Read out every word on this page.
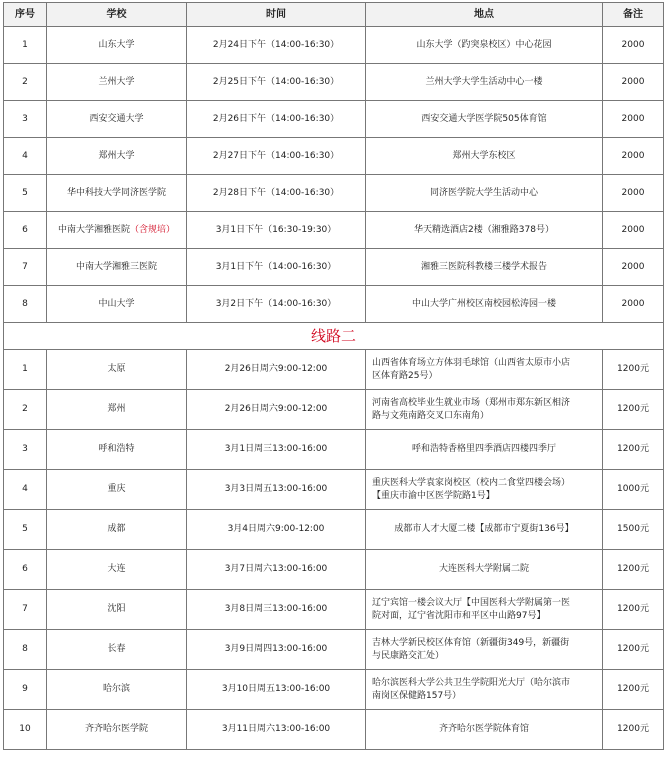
序号	学校	时间	地点	备注
1	山东大学	2月24日下午（14:00-16:30）	山东大学（趵突泉校区）中心花园	2000
2	兰州大学	2月25日下午（14:00-16:30）	兰州大学大学生活动中心一楼	2000
3	西安交通大学	2月26日下午（14:00-16:30）	西安交通大学医学院505体育馆	2000
4	郑州大学	2月27日下午（14:00-16:30）	郑州大学东校区	2000
5	华中科技大学同济医学院	2月28日下午（14:00-16:30）	同济医学院大学生活动中心	2000
6	中南大学湘雅医院（含规培）	3月1日下午（16:30-19:30）	华天精选酒店2楼（湘雅路378号）	2000
7	中南大学湘雅三医院	3月1日下午（14:00-16:30）	湘雅三医院科教楼三楼学术报告	2000
8	中山大学	3月2日下午（14:00-16:30）	中山大学广州校区南校园松涛园一楼	2000
线路二				
1	太原	2月26日周六9:00-12:00	山西省体育场立方体羽毛球馆（山西省太原市小店
区体育路25号）	1200元
2	郑州	2月26日周六9:00-12:00	河南省高校毕业生就业市场（郑州市郑东新区相济
路与文苑南路交叉口东南角）	1200元
3	呼和浩特	3月1日周三13:00-16:00	呼和浩特香格里四季酒店四楼四季厅	1200元
4	重庆	3月3日周五13:00-16:00	重庆医科大学袁家岗校区（校内二食堂四楼会场）
【重庆市渝中区医学院路1号】	1000元
5	成都	3月4日周六9:00-12:00	成都市人才大厦二楼【成都市宁夏街136号】	1500元
6	大连	3月7日周六13:00-16:00	大连医科大学附属二院	1200元
7	沈阳	3月8日周三13:00-16:00	辽宁宾馆一楼会议大厅【中国医科大学附属第一医
院对面，辽宁省沈阳市和平区中山路97号】	1200元
8	长春	3月9日周四13:00-16:00	吉林大学新民校区体育馆（新疆街349号，新疆街
与民康路交汇处）	1200元
9	哈尔滨	3月10日周五13:00-16:00	哈尔滨医科大学公共卫生学院阳光大厅（哈尔滨市
南岗区保健路157号）	1200元
10	齐齐哈尔医学院	3月11日周六13:00-16:00	齐齐哈尔医学院体育馆	1200元
